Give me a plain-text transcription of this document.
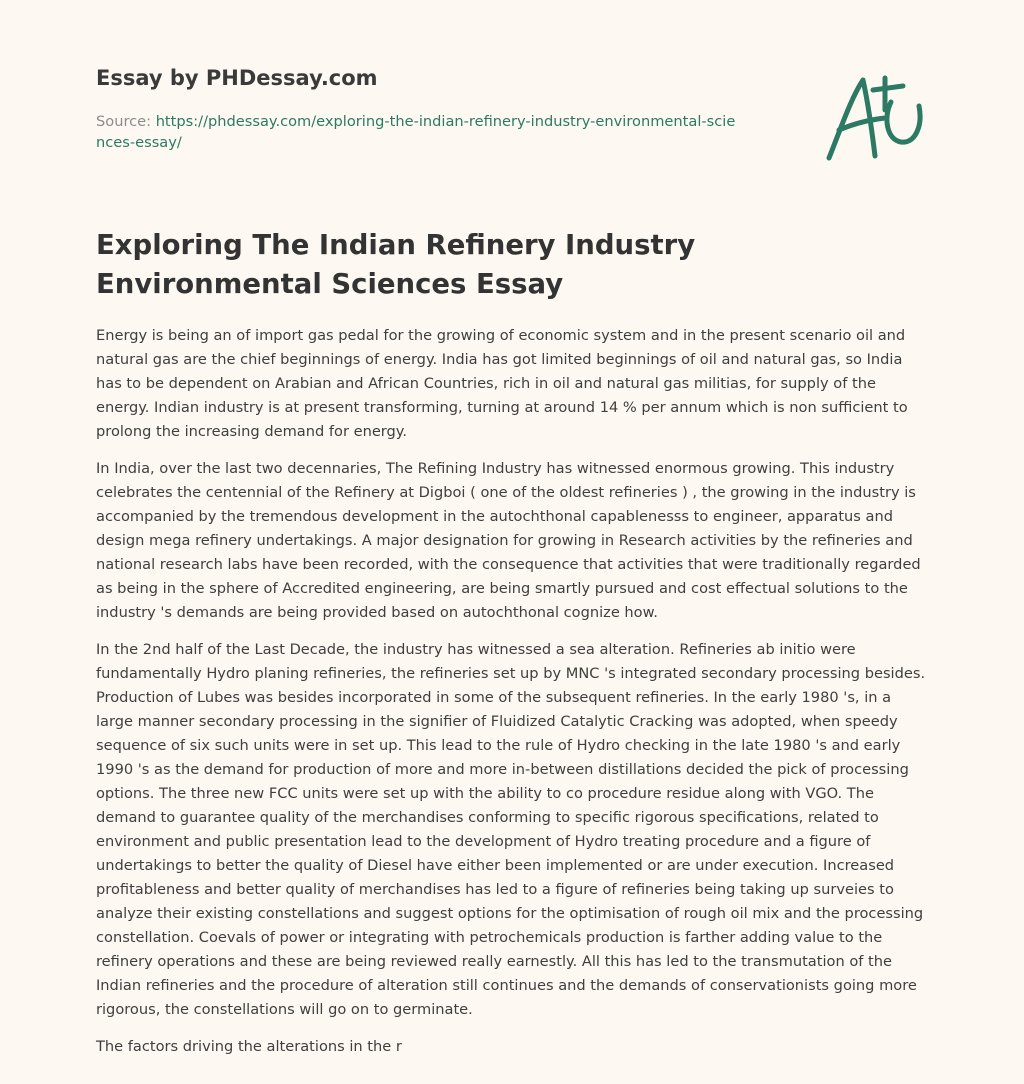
Essay by PHDessay.com
Source: https://phdessay.com/exploring-the-indian-refinery-industry-environmental-sciences-essay/
Exploring The Indian Refinery Industry Environmental Sciences Essay

Energy is being an of import gas pedal for the growing of economic system and in the present scenario oil and natural gas are the chief beginnings of energy. India has got limited beginnings of oil and natural gas, so India has to be dependent on Arabian and African Countries, rich in oil and natural gas militias, for supply of the energy. Indian industry is at present transforming, turning at around 14 % per annum which is non sufficient to prolong the increasing demand for energy.

In India, over the last two decennaries, The Refining Industry has witnessed enormous growing. This industry celebrates the centennial of the Refinery at Digboi ( one of the oldest refineries ) , the growing in the industry is accompanied by the tremendous development in the autochthonal capablenesss to engineer, apparatus and design mega refinery undertakings. A major designation for growing in Research activities by the refineries and national research labs have been recorded, with the consequence that activities that were traditionally regarded as being in the sphere of Accredited engineering, are being smartly pursued and cost effectual solutions to the industry 's demands are being provided based on autochthonal cognize how.

In the 2nd half of the Last Decade, the industry has witnessed a sea alteration. Refineries ab initio were fundamentally Hydro planing refineries, the refineries set up by MNC 's integrated secondary processing besides. Production of Lubes was besides incorporated in some of the subsequent refineries. In the early 1980 's, in a large manner secondary processing in the signifier of Fluidized Catalytic Cracking was adopted, when speedy sequence of six such units were in set up. This lead to the rule of Hydro checking in the late 1980 's and early 1990 's as the demand for production of more and more in-between distillations decided the pick of processing options. The three new FCC units were set up with the ability to co procedure residue along with VGO. The demand to guarantee quality of the merchandises conforming to specific rigorous specifications, related to environment and public presentation lead to the development of Hydro treating procedure and a figure of undertakings to better the quality of Diesel have either been implemented or are under execution. Increased profitableness and better quality of merchandises has led to a figure of refineries being taking up surveies to analyze their existing constellations and suggest options for the optimisation of rough oil mix and the processing constellation. Coevals of power or integrating with petrochemicals production is farther adding value to the refinery operations and these are being reviewed really earnestly. All this has led to the transmutation of the Indian refineries and the procedure of alteration still continues and the demands of conservationists going more rigorous, the constellations will go on to germinate.

The factors driving the alterations in the r
